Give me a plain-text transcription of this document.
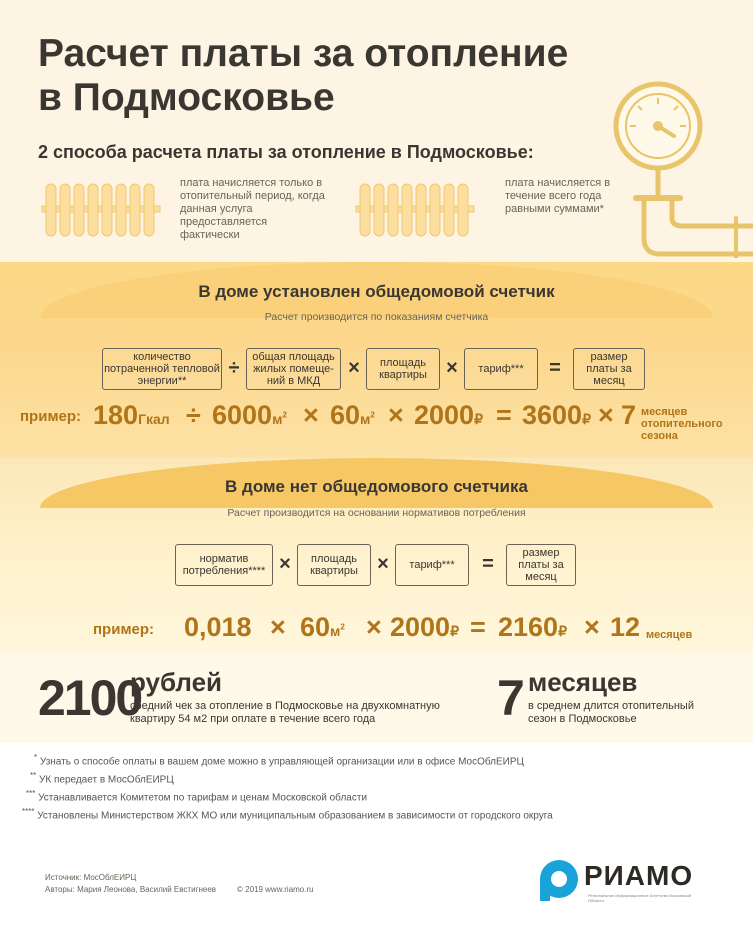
Расчет платы за отопление в Подмосковье
2 способа расчета платы за отопление в Подмосковье:
плата начисляется только в отопительный период, когда данная услуга предоставляется фактически
плата начисляется в течение всего года равными суммами*
В доме установлен общедомовой счетчик
Расчет производится по показаниям счетчика
количество потраченной тепловой энергии**
÷	общая площадь жилых помеще-ний в МКД
×	площадь квартиры ×	тариф***	=	размер платы за месяц
пример: 180Гкал ÷ $6000м^2 \times 60м^2$ × 2000₽ = 3600₽ × 7 месяцев отопительного сезона
В доме нет общедомового счетчика
Расчет производится на основании нормативов потребления
норматив потребления**** ×	площадь квартиры ×	тариф***	=	размер платы за месяц
пример: $0,018 \times 60м^2$ × 2000₽ = 2160₽ × 12 месяцев
2100
рублей
средний чек за отопление в Подмосковье на двухкомнатную квартиру 54 м2 при оплате в течение всего года	7 месяцев
в среднем длится отопительный сезон в Подмосковье
* Узнать о способе оплаты в вашем доме можно в управляющей организации или в офисе МосОблЕИРЦ
** УК передает в МосОблЕИРЦ
*** Устанавливается Комитетом по тарифам и ценам Московской области
**** Установлены Министерством ЖКХ МО или муниципальным образованием в зависимости от городского округа
Источник: МосОблЕИРЦ
Авторы: Мария Леонова, Василий Евстигнеев	© 2019 www.riamo.ru	РИАМО
Региональное Информационное Агентство Московской Области
